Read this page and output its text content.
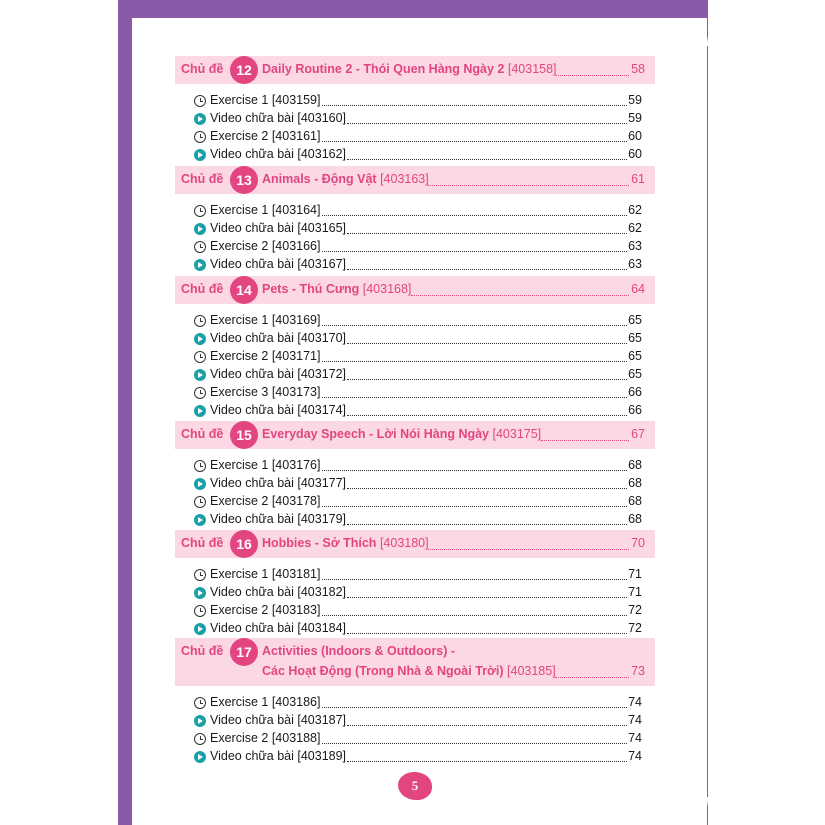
Chủ đề 12 Daily Routine 2 - Thói Quen Hàng Ngày 2 [403158]	58
Exercise 1 [403159]	59
Video chữa bài [403160]	59
Exercise 2 [403161]	60
Video chữa bài [403162]	60
Chủ đề 13 Animals - Động Vật [403163]	61
Exercise 1 [403164]	62
Video chữa bài [403165]	62
Exercise 2 [403166]	63
Video chữa bài [403167]	63
Chủ đề 14 Pets - Thú Cưng [403168]	64
Exercise 1 [403169]	65
Video chữa bài [403170]	65
Exercise 2 [403171]	65
Video chữa bài [403172]	65
Exercise 3 [403173]	66
Video chữa bài [403174]	66
Chủ đề 15 Everyday Speech - Lời Nói Hàng Ngày [403175]	67
Exercise 1 [403176]	68
Video chữa bài [403177]	68
Exercise 2 [403178]	68
Video chữa bài [403179]	68
Chủ đề 16 Hobbies - Sở Thích [403180]	70
Exercise 1 [403181]	71
Video chữa bài [403182]	71
Exercise 2 [403183]	72
Video chữa bài [403184]	72
Chủ đề 17 Activities (Indoors & Outdoors) -
Các Hoạt Động (Trong Nhà & Ngoài Trời) [403185]	73
Exercise 1 [403186]	74
Video chữa bài [403187]	74
Exercise 2 [403188]	74
Video chữa bài [403189]	74
5
